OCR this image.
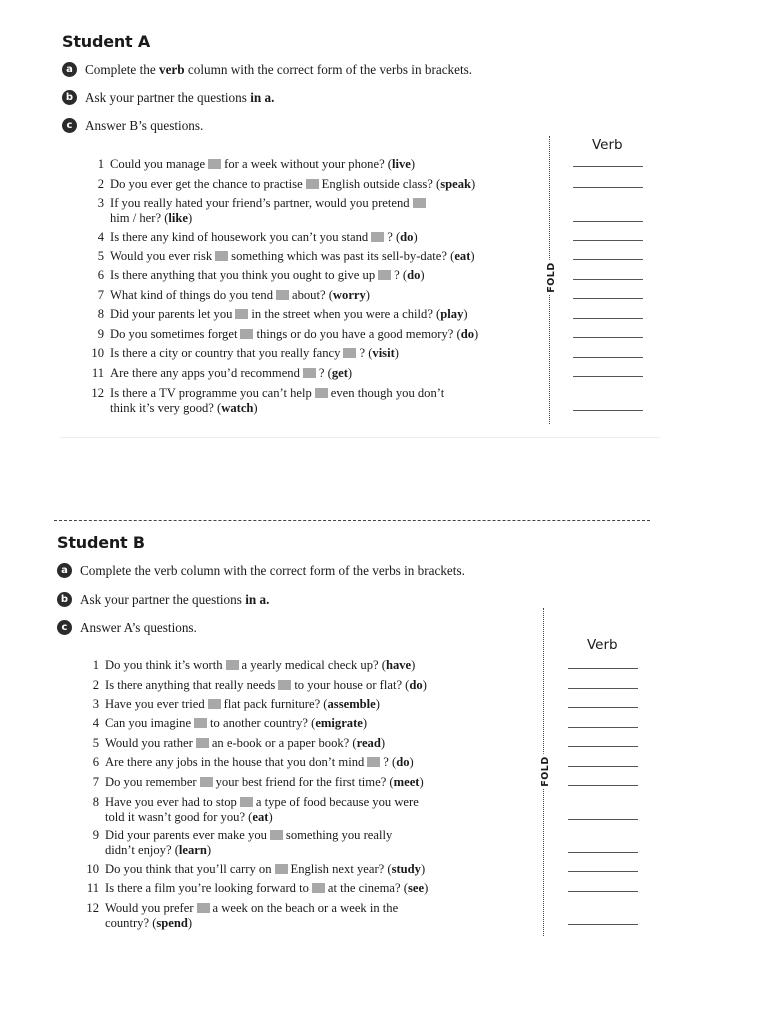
Student A
a Complete the verb column with the correct form of the verbs in brackets.
b Ask your partner the questions in a.
c Answer B’s questions.
Verb
FOLD
1 Could you manage for a week without your phone? (live)
2 Do you ever get the chance to practise English outside class? (speak)
3 If you really hated your friend’s partner, would you pretend
him / her? (like)
4 Is there any kind of housework you can’t you stand ? (do)
5 Would you ever risk something which was past its sell-by-date? (eat)
6 Is there anything that you think you ought to give up ? (do)
7 What kind of things do you tend about? (worry)
8 Did your parents let you in the street when you were a child? (play)
9 Do you sometimes forget things or do you have a good memory? (do)
10 Is there a city or country that you really fancy ? (visit)
11 Are there any apps you’d recommend ? (get)
12 Is there a TV programme you can’t help even though you don’t
think it’s very good? (watch)
Student B
a Complete the verb column with the correct form of the verbs in brackets.
b Ask your partner the questions in a.
c Answer A’s questions.
Verb
FOLD
1 Do you think it’s worth a yearly medical check up? (have)
2 Is there anything that really needs to your house or flat? (do)
3 Have you ever tried flat pack furniture? (assemble)
4 Can you imagine to another country? (emigrate)
5 Would you rather an e-book or a paper book? (read)
6 Are there any jobs in the house that you don’t mind ? (do)
7 Do you remember your best friend for the first time? (meet)
8 Have you ever had to stop a type of food because you were
told it wasn’t good for you? (eat)
9 Did your parents ever make you something you really
didn’t enjoy? (learn)
10 Do you think that you’ll carry on English next year? (study)
11 Is there a film you’re looking forward to at the cinema? (see)
12 Would you prefer a week on the beach or a week in the
country? (spend)
